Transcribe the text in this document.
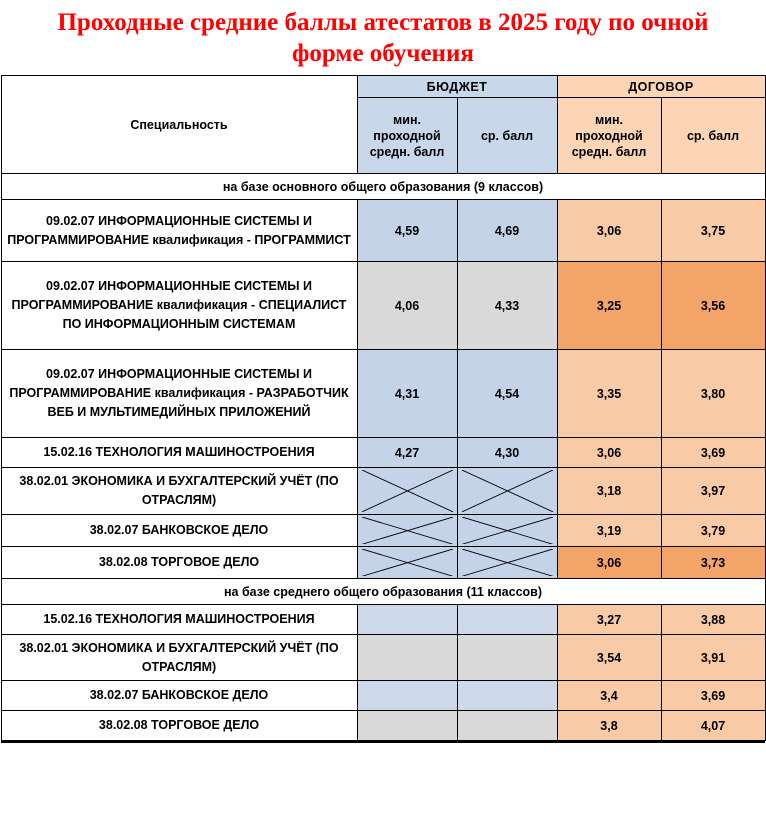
Проходные средние баллы атестатов в 2025 году по очной форме обучения
Специальность	БЮДЖЕТ		ДОГОВОР	
	мин. проходной средн. балл	ср. балл	мин. проходной средн. балл	ср. балл
на базе основного общего образования (9 классов)				
09.02.07 ИНФОРМАЦИОННЫЕ СИСТЕМЫ И ПРОГРАММИРОВАНИЕ квалификация - ПРОГРАММИСТ	4,59	4,69	3,06	3,75
09.02.07 ИНФОРМАЦИОННЫЕ СИСТЕМЫ И ПРОГРАММИРОВАНИЕ квалификация - СПЕЦИАЛИСТ ПО ИНФОРМАЦИОННЫМ СИСТЕМАМ	4,06	4,33	3,25	3,56
09.02.07 ИНФОРМАЦИОННЫЕ СИСТЕМЫ И ПРОГРАММИРОВАНИЕ квалификация - РАЗРАБОТЧИК ВЕБ И МУЛЬТИМЕДИЙНЫХ ПРИЛОЖЕНИЙ	4,31	4,54	3,35	3,80
15.02.16 ТЕХНОЛОГИЯ МАШИНОСТРОЕНИЯ	4,27	4,30	3,06	3,69
38.02.01 ЭКОНОМИКА И БУХГАЛТЕРСКИЙ УЧЁТ (ПО ОТРАСЛЯМ)			3,18	3,97
38.02.07 БАНКОВСКОЕ ДЕЛО			3,19	3,79
38.02.08 ТОРГОВОЕ ДЕЛО			3,06	3,73
на базе среднего общего образования (11 классов)				
15.02.16 ТЕХНОЛОГИЯ МАШИНОСТРОЕНИЯ			3,27	3,88
38.02.01 ЭКОНОМИКА И БУХГАЛТЕРСКИЙ УЧЁТ (ПО ОТРАСЛЯМ)			3,54	3,91
38.02.07 БАНКОВСКОЕ ДЕЛО			3,4	3,69
38.02.08 ТОРГОВОЕ ДЕЛО			3,8	4,07
